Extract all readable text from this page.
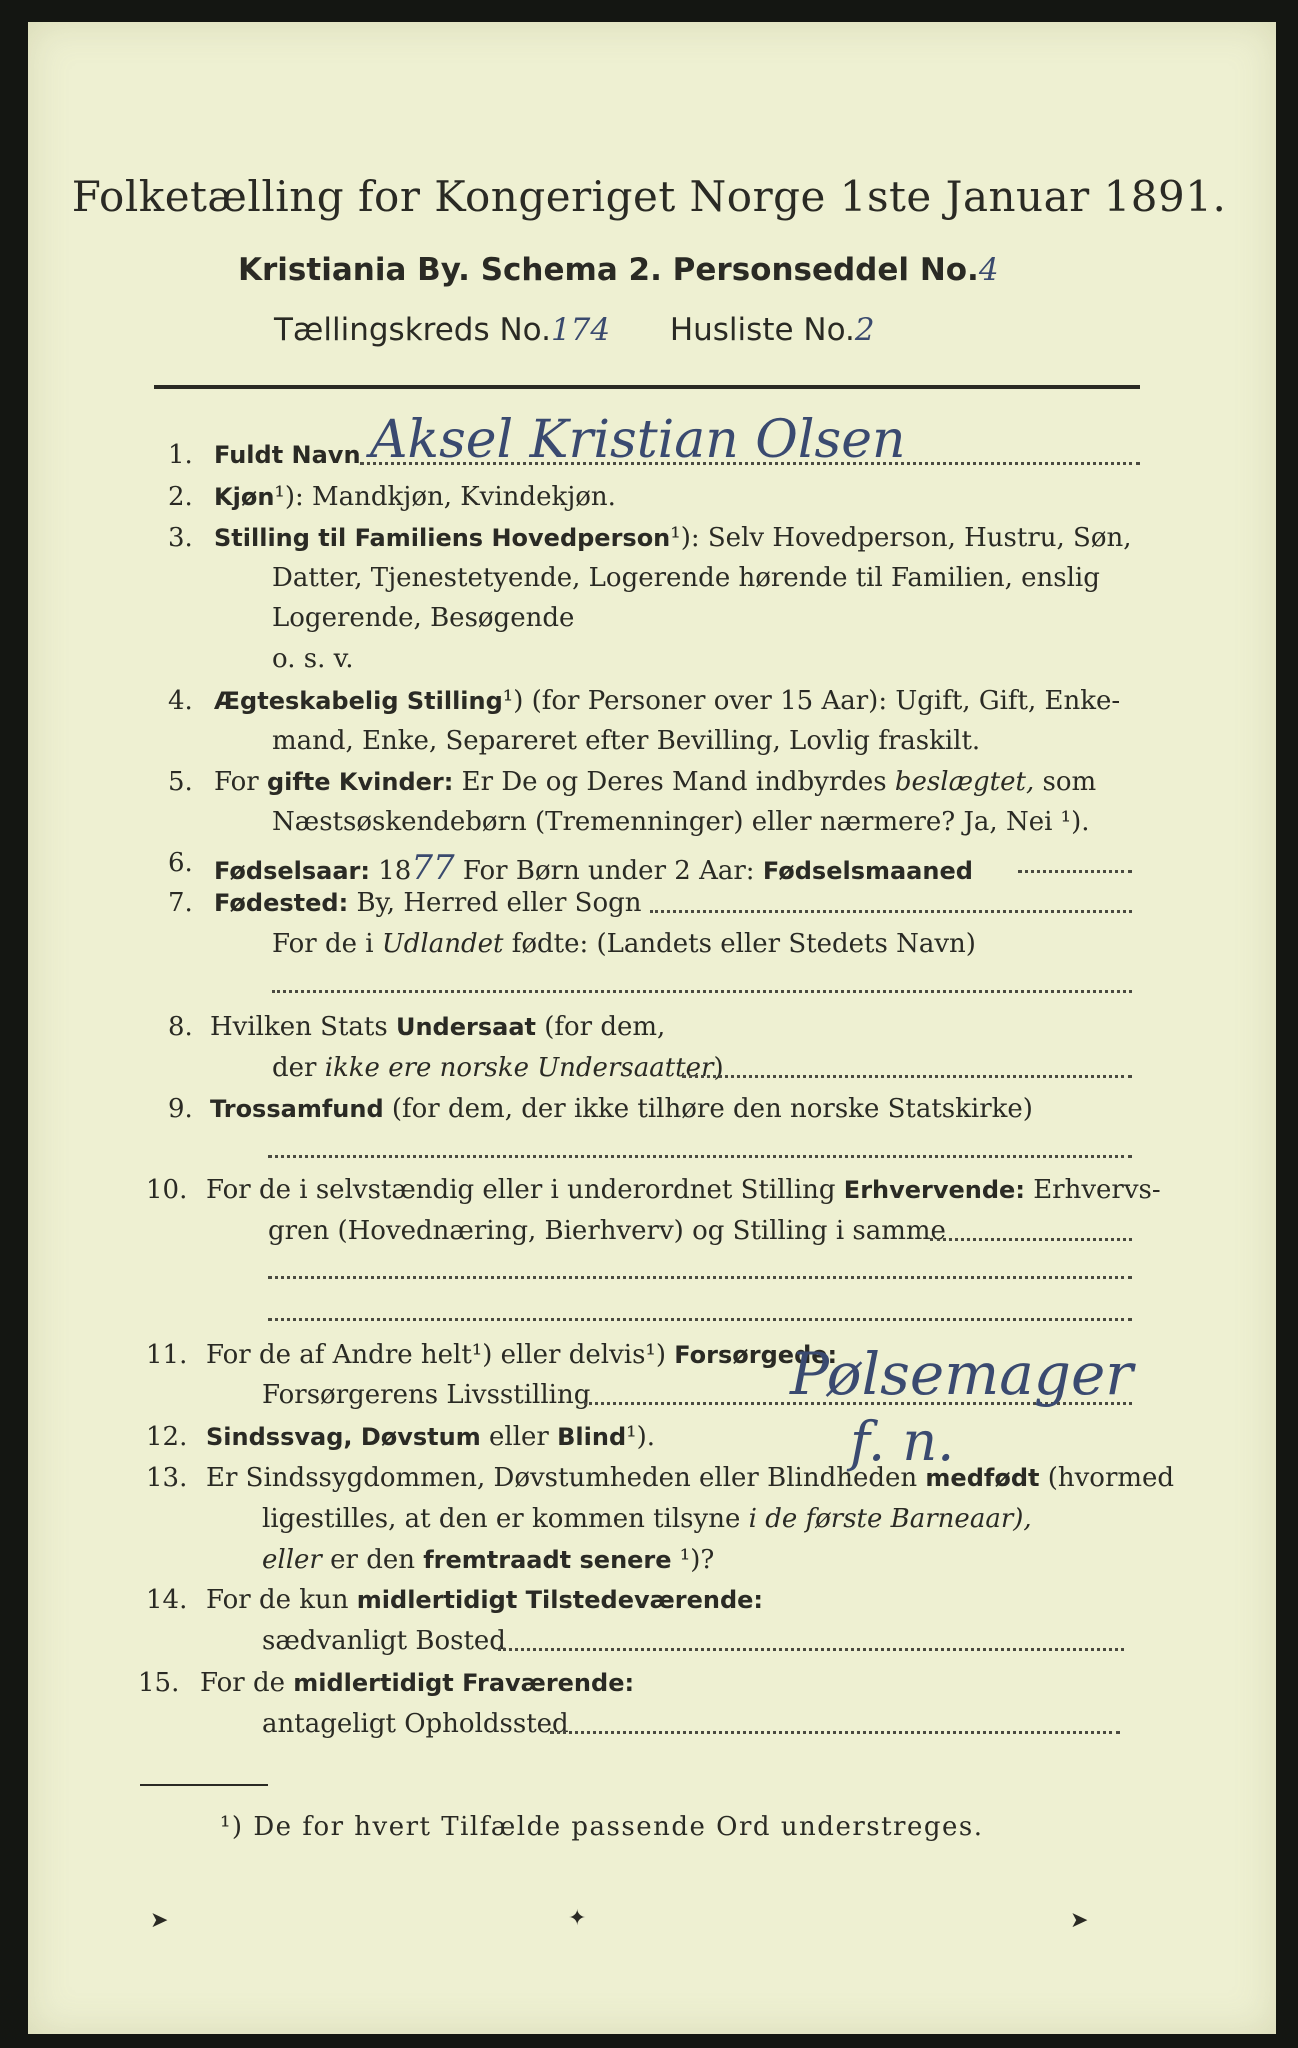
Folketælling for Kongeriget Norge 1ste Januar 1891.
Kristiania By. Schema 2. Personseddel No.4
Tællingskreds No.174 Husliste No.2
1. Fuldt Navn Aksel Kristian Olsen
2. Kjøn¹): Mandkjøn, Kvindekjøn.
3. Stilling til Familiens Hovedperson¹): Selv Hovedperson, Hustru, Søn,
Datter, Tjenestetyende, Logerende hørende til Familien, enslig
Logerende, Besøgende
o. s. v.
4. Ægteskabelig Stilling¹) (for Personer over 15 Aar): Ugift, Gift, Enke-
mand, Enke, Separeret efter Bevilling, Lovlig fraskilt.
5. For gifte Kvinder: Er De og Deres Mand indbyrdes beslægtet, som
Næstsøskendebørn (Tremenninger) eller nærmere? Ja, Nei ¹).
6. Fødselsaar: 1877 For Børn under 2 Aar: Fødselsmaaned
7. Fødested: By, Herred eller Sogn
For de i Udlandet fødte: (Landets eller Stedets Navn)
8. Hvilken Stats Undersaat (for dem,
der ikke ere norske Undersaatter)
9. Trossamfund (for dem, der ikke tilhøre den norske Statskirke)
10. For de i selvstændig eller i underordnet Stilling Erhvervende: Erhvervs-
gren (Hovednæring, Bierhverv) og Stilling i samme
11. For de af Andre helt¹) eller delvis¹) Forsørgede:
Forsørgerens Livsstilling	Pølsemager
12. Sindssvag, Døvstum eller Blind¹).	f. n.
13. Er Sindssygdommen, Døvstumheden eller Blindheden medfødt (hvormed
ligestilles, at den er kommen tilsyne i de første Barneaar),
eller er den fremtraadt senere ¹)?
14. For de kun midlertidigt Tilstedeværende:
sædvanligt Bosted
15. For de midlertidigt Fraværende:
antageligt Opholdssted
¹) De for hvert Tilfælde passende Ord understreges.
➤	✦	➤
